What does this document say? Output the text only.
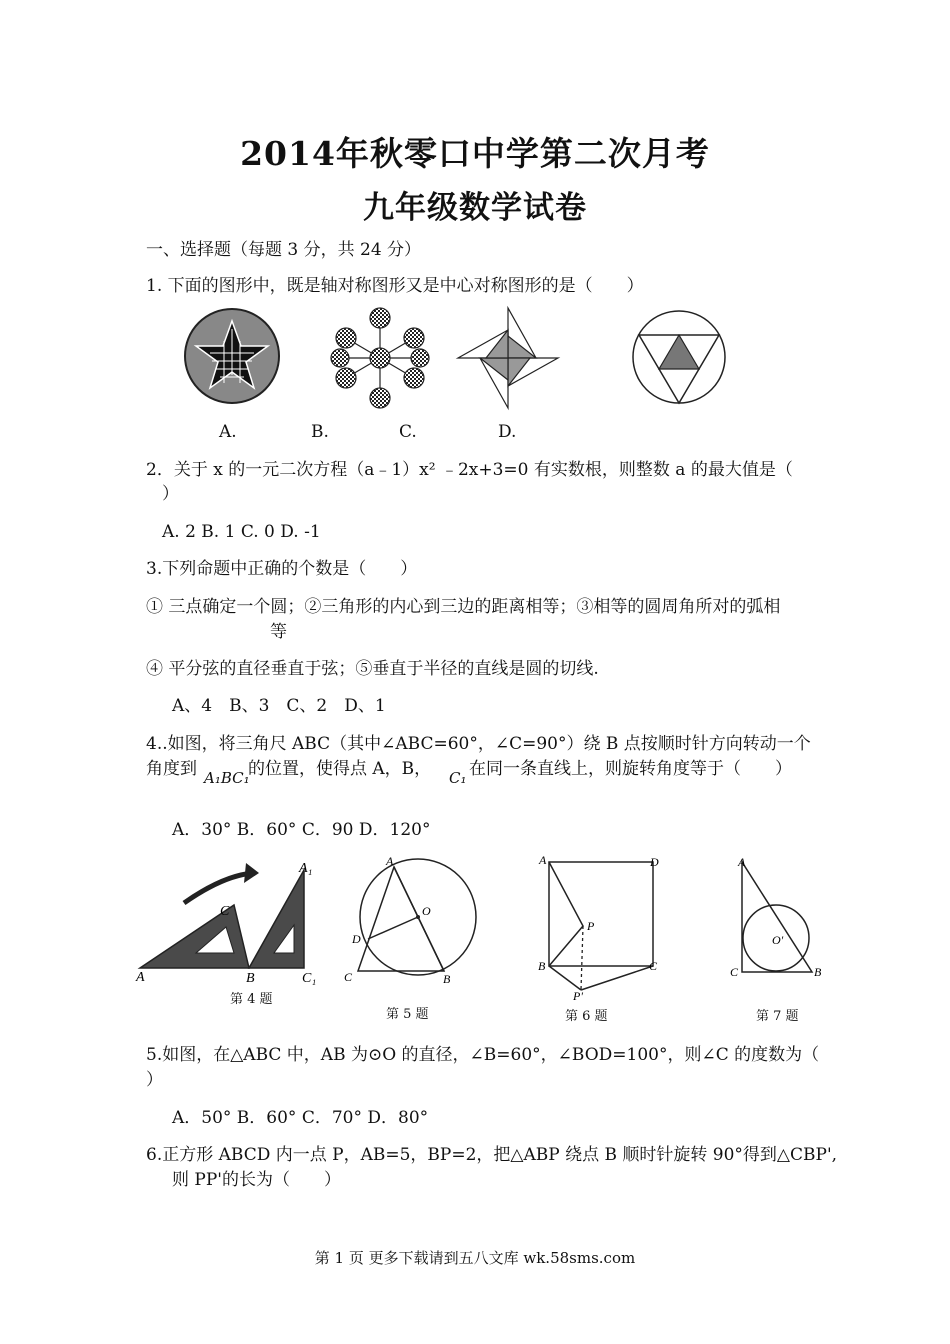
2014年秋零口中学第二次月考
九年级数学试卷
一、选择题（每题 3 分，共 24 分）
1. 下面的图形中，既是轴对称图形又是中心对称图形的是（　　）
A.	B.	C.	D.
2．关于 x 的一元二次方程（a﹣1）x² ﹣2x+3=0 有实数根，则整数 a 的最大值是（
）
A. 2 B. 1 C. 0 D. -1
3.下列命题中正确的个数是（　　）
① 三点确定一个圆；②三角形的内心到三边的距离相等；③相等的圆周角所对的弧相
等
④ 平分弦的直径垂直于弦；⑤垂直于半径的直线是圆的切线.
A、4　B、3　C、2　D、1
4..如图，将三角尺 ABC（其中∠ABC=60°，∠C=90°）绕 B 点按顺时针方向转动一个
角度到 A₁BC₁
的位置，使得点 A，B， C₁ 在同一条直线上，则旋转角度等于（　　）
A．30° B．60° C．90 D．120°
A	B
C
A₁
C₁
第 4 题
A
O
D
C	B
第 5 题
A	D
P
B	C
P'
第 6 题
A
O'
C	B
第 7 题
5.如图，在△ABC 中，AB 为⊙O 的直径，∠B=60°，∠BOD=100°，则∠C 的度数为（
）
A．50° B．60° C．70° D．80°
6.正方形 ABCD 内一点 P，AB=5，BP=2，把△ABP 绕点 B 顺时针旋转 90°得到△CBP',
则 PP'的长为（　　）
第 1 页 更多下载请到五八文库 wk.58sms.com
